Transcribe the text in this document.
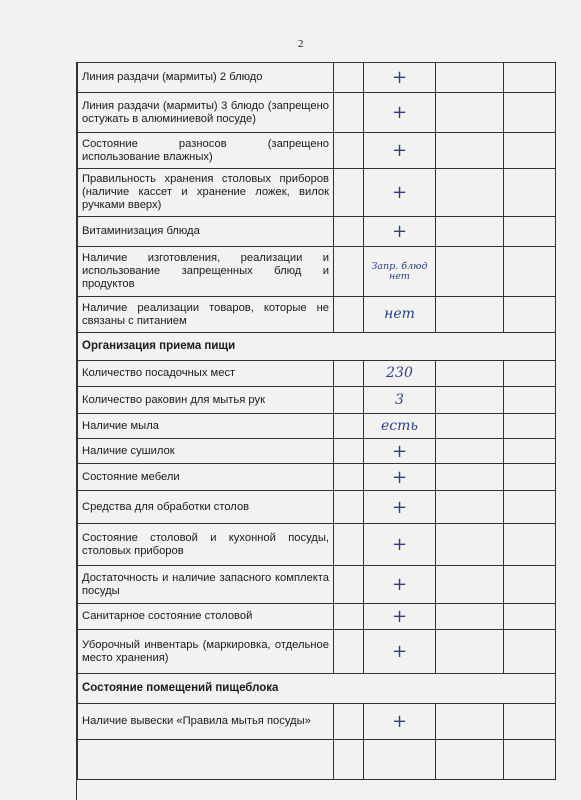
2
Линия раздачи (мармиты) 2 блюдо		+		
Линия раздачи (мармиты) 3 блюдо (запрещено остужать в алюминиевой посуде)		+		
Состояние разносов (запрещено использование влажных)		+		
Правильность хранения столовых приборов (наличие кассет и хранение ложек, вилок ручками вверх)		+		
Витаминизация блюда		+		
Наличие изготовления, реализации и использование запрещенных блюд и продуктов		Запр. блюд нет		
Наличие реализации товаров, которые не связаны с питанием		нет		
Организация приема пищи				
Количество посадочных мест		230		
Количество раковин для мытья рук		3		
Наличие мыла		есть		
Наличие сушилок		+		
Состояние мебели		+		
Средства для обработки столов		+		
Состояние столовой и кухонной посуды, столовых приборов		+		
Достаточность и наличие запасного комплекта посуды		+		
Санитарное состояние столовой		+		
Уборочный инвентарь (маркировка, отдельное место хранения)		+		
Состояние помещений пищеблока				
Наличие вывески «Правила мытья посуды»		+		
